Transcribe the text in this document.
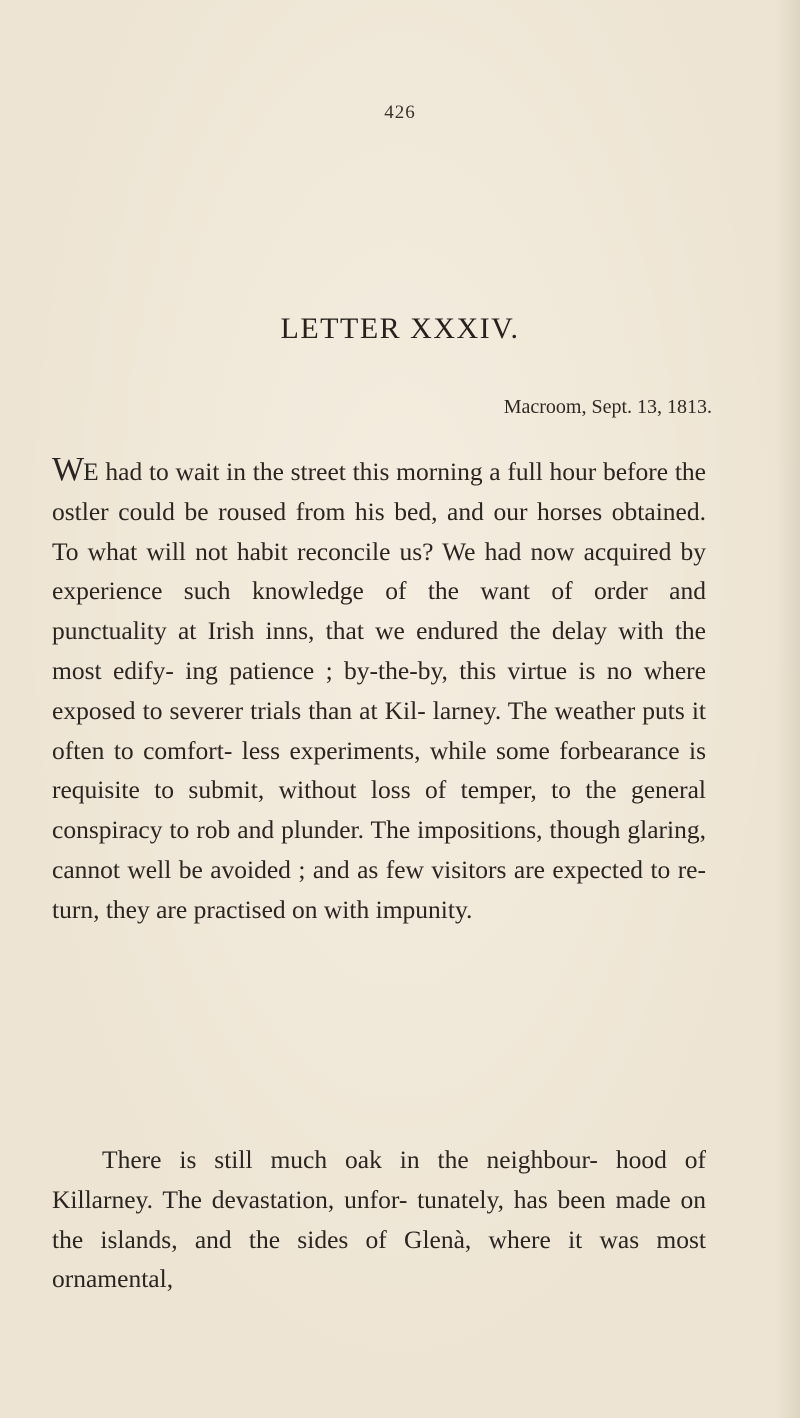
426
LETTER XXXIV.
Macroom, Sept. 13, 1813.

WE had to wait in the street this morning a full hour before the ostler could be roused from his bed, and our horses obtained. To what will not habit reconcile us? We had now acquired by experience such knowledge of the want of order and punctuality at Irish inns, that we endured the delay with the most edify- ing patience ; by-the-by, this virtue is no where exposed to severer trials than at Kil- larney. The weather puts it often to comfort- less experiments, while some forbearance is requisite to submit, without loss of temper, to the general conspiracy to rob and plunder. The impositions, though glaring, cannot well be avoided ; and as few visitors are expected to re- turn, they are practised on with impunity.

There is still much oak in the neighbour- hood of Killarney. The devastation, unfor- tunately, has been made on the islands, and the sides of Glenà, where it was most ornamental,
